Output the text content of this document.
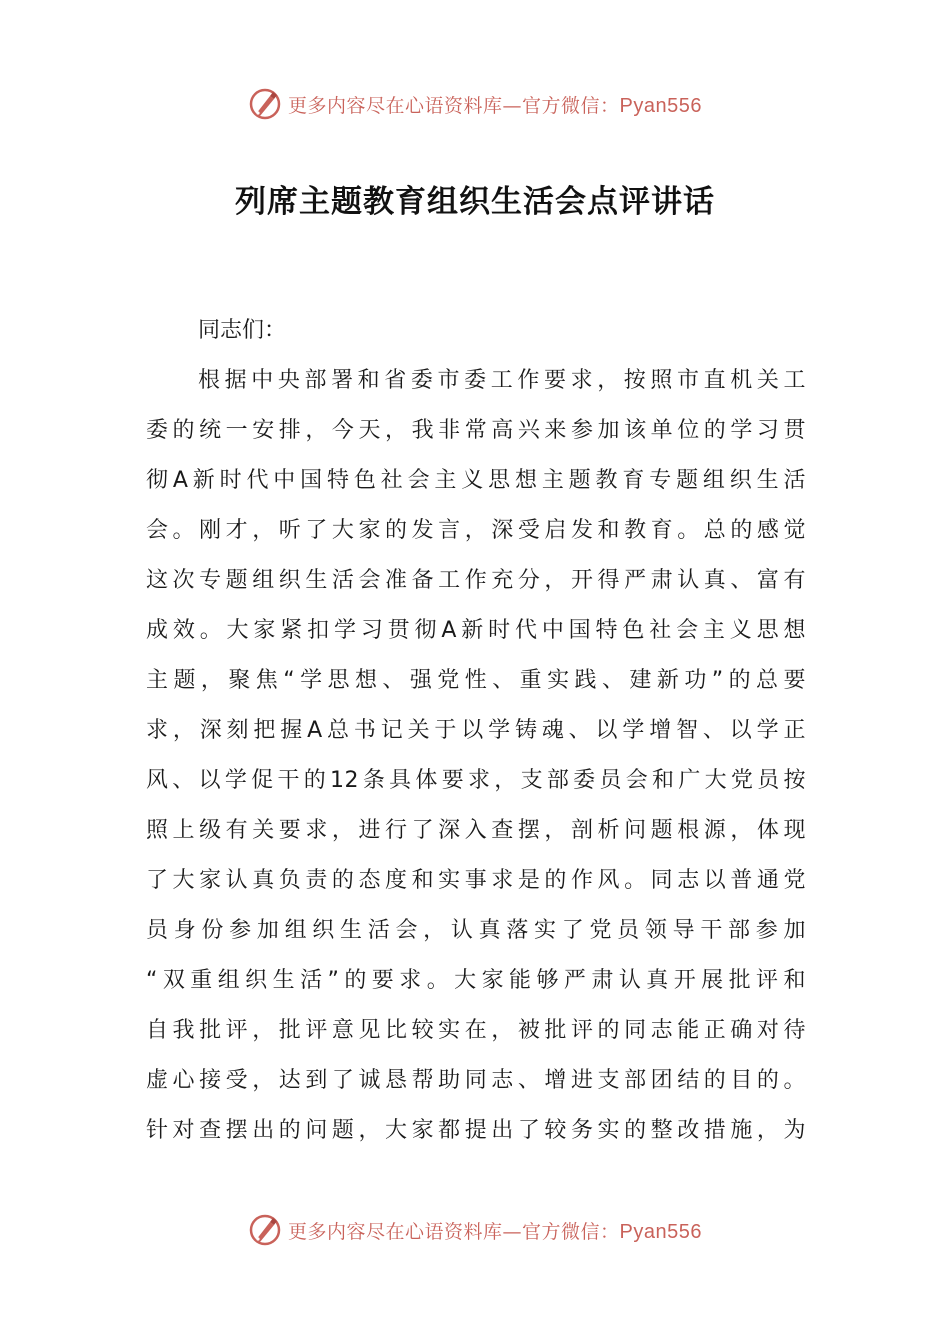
更多内容尽在心语资料库—官方微信：Pyan556
列席主题教育组织生活会点评讲话
同志们：
根据中央部署和省委市委工作要求，按照市直机关工
委的统一安排，今天，我非常高兴来参加该单位的学习贯
彻A新时代中国特色社会主义思想主题教育专题组织生活
会。刚才，听了大家的发言，深受启发和教育。总的感觉
这次专题组织生活会准备工作充分，开得严肃认真、富有
成效。大家紧扣学习贯彻A新时代中国特色社会主义思想
主题，聚焦“学思想、强党性、重实践、建新功”的总要
求，深刻把握A总书记关于以学铸魂、以学增智、以学正
风、以学促干的12条具体要求，支部委员会和广大党员按
照上级有关要求，进行了深入查摆，剖析问题根源，体现
了大家认真负责的态度和实事求是的作风。同志以普通党
员身份参加组织生活会，认真落实了党员领导干部参加
“双重组织生活”的要求。大家能够严肃认真开展批评和
自我批评，批评意见比较实在，被批评的同志能正确对待
虚心接受，达到了诚恳帮助同志、增进支部团结的目的。
针对查摆出的问题，大家都提出了较务实的整改措施，为
更多内容尽在心语资料库—官方微信：Pyan556
